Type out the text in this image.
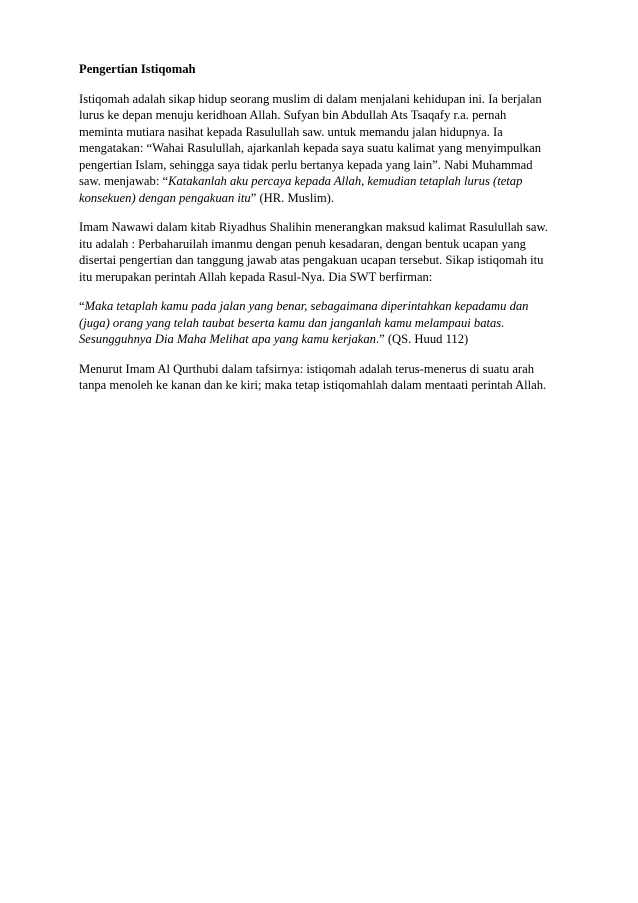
Pengertian Istiqomah

Istiqomah adalah sikap hidup seorang muslim di dalam menjalani kehidupan ini. Ia berjalan
lurus ke depan menuju keridhoan Allah. Sufyan bin Abdullah Ats Tsaqafy r.a. pernah
meminta mutiara nasihat kepada Rasulullah saw. untuk memandu jalan hidupnya. Ia
mengatakan: “Wahai Rasulullah, ajarkanlah kepada saya suatu kalimat yang menyimpulkan
pengertian Islam, sehingga saya tidak perlu bertanya kepada yang lain”. Nabi Muhammad
saw. menjawab: “Katakanlah aku percaya kepada Allah, kemudian tetaplah lurus (tetap
konsekuen) dengan pengakuan itu” (HR. Muslim).

Imam Nawawi dalam kitab Riyadhus Shalihin menerangkan maksud kalimat Rasulullah saw.
itu adalah : Perbaharuilah imanmu dengan penuh kesadaran, dengan bentuk ucapan yang
disertai pengertian dan tanggung jawab atas pengakuan ucapan tersebut. Sikap istiqomah itu
itu merupakan perintah Allah kepada Rasul-Nya. Dia SWT berfirman:

“Maka tetaplah kamu pada jalan yang benar, sebagaimana diperintahkan kepadamu dan
(juga) orang yang telah taubat beserta kamu dan janganlah kamu melampaui batas.
Sesungguhnya Dia Maha Melihat apa yang kamu kerjakan.” (QS. Huud 112)

Menurut Imam Al Qurthubi dalam tafsirnya: istiqomah adalah terus-menerus di suatu arah
tanpa menoleh ke kanan dan ke kiri; maka tetap istiqomahlah dalam mentaati perintah Allah.
